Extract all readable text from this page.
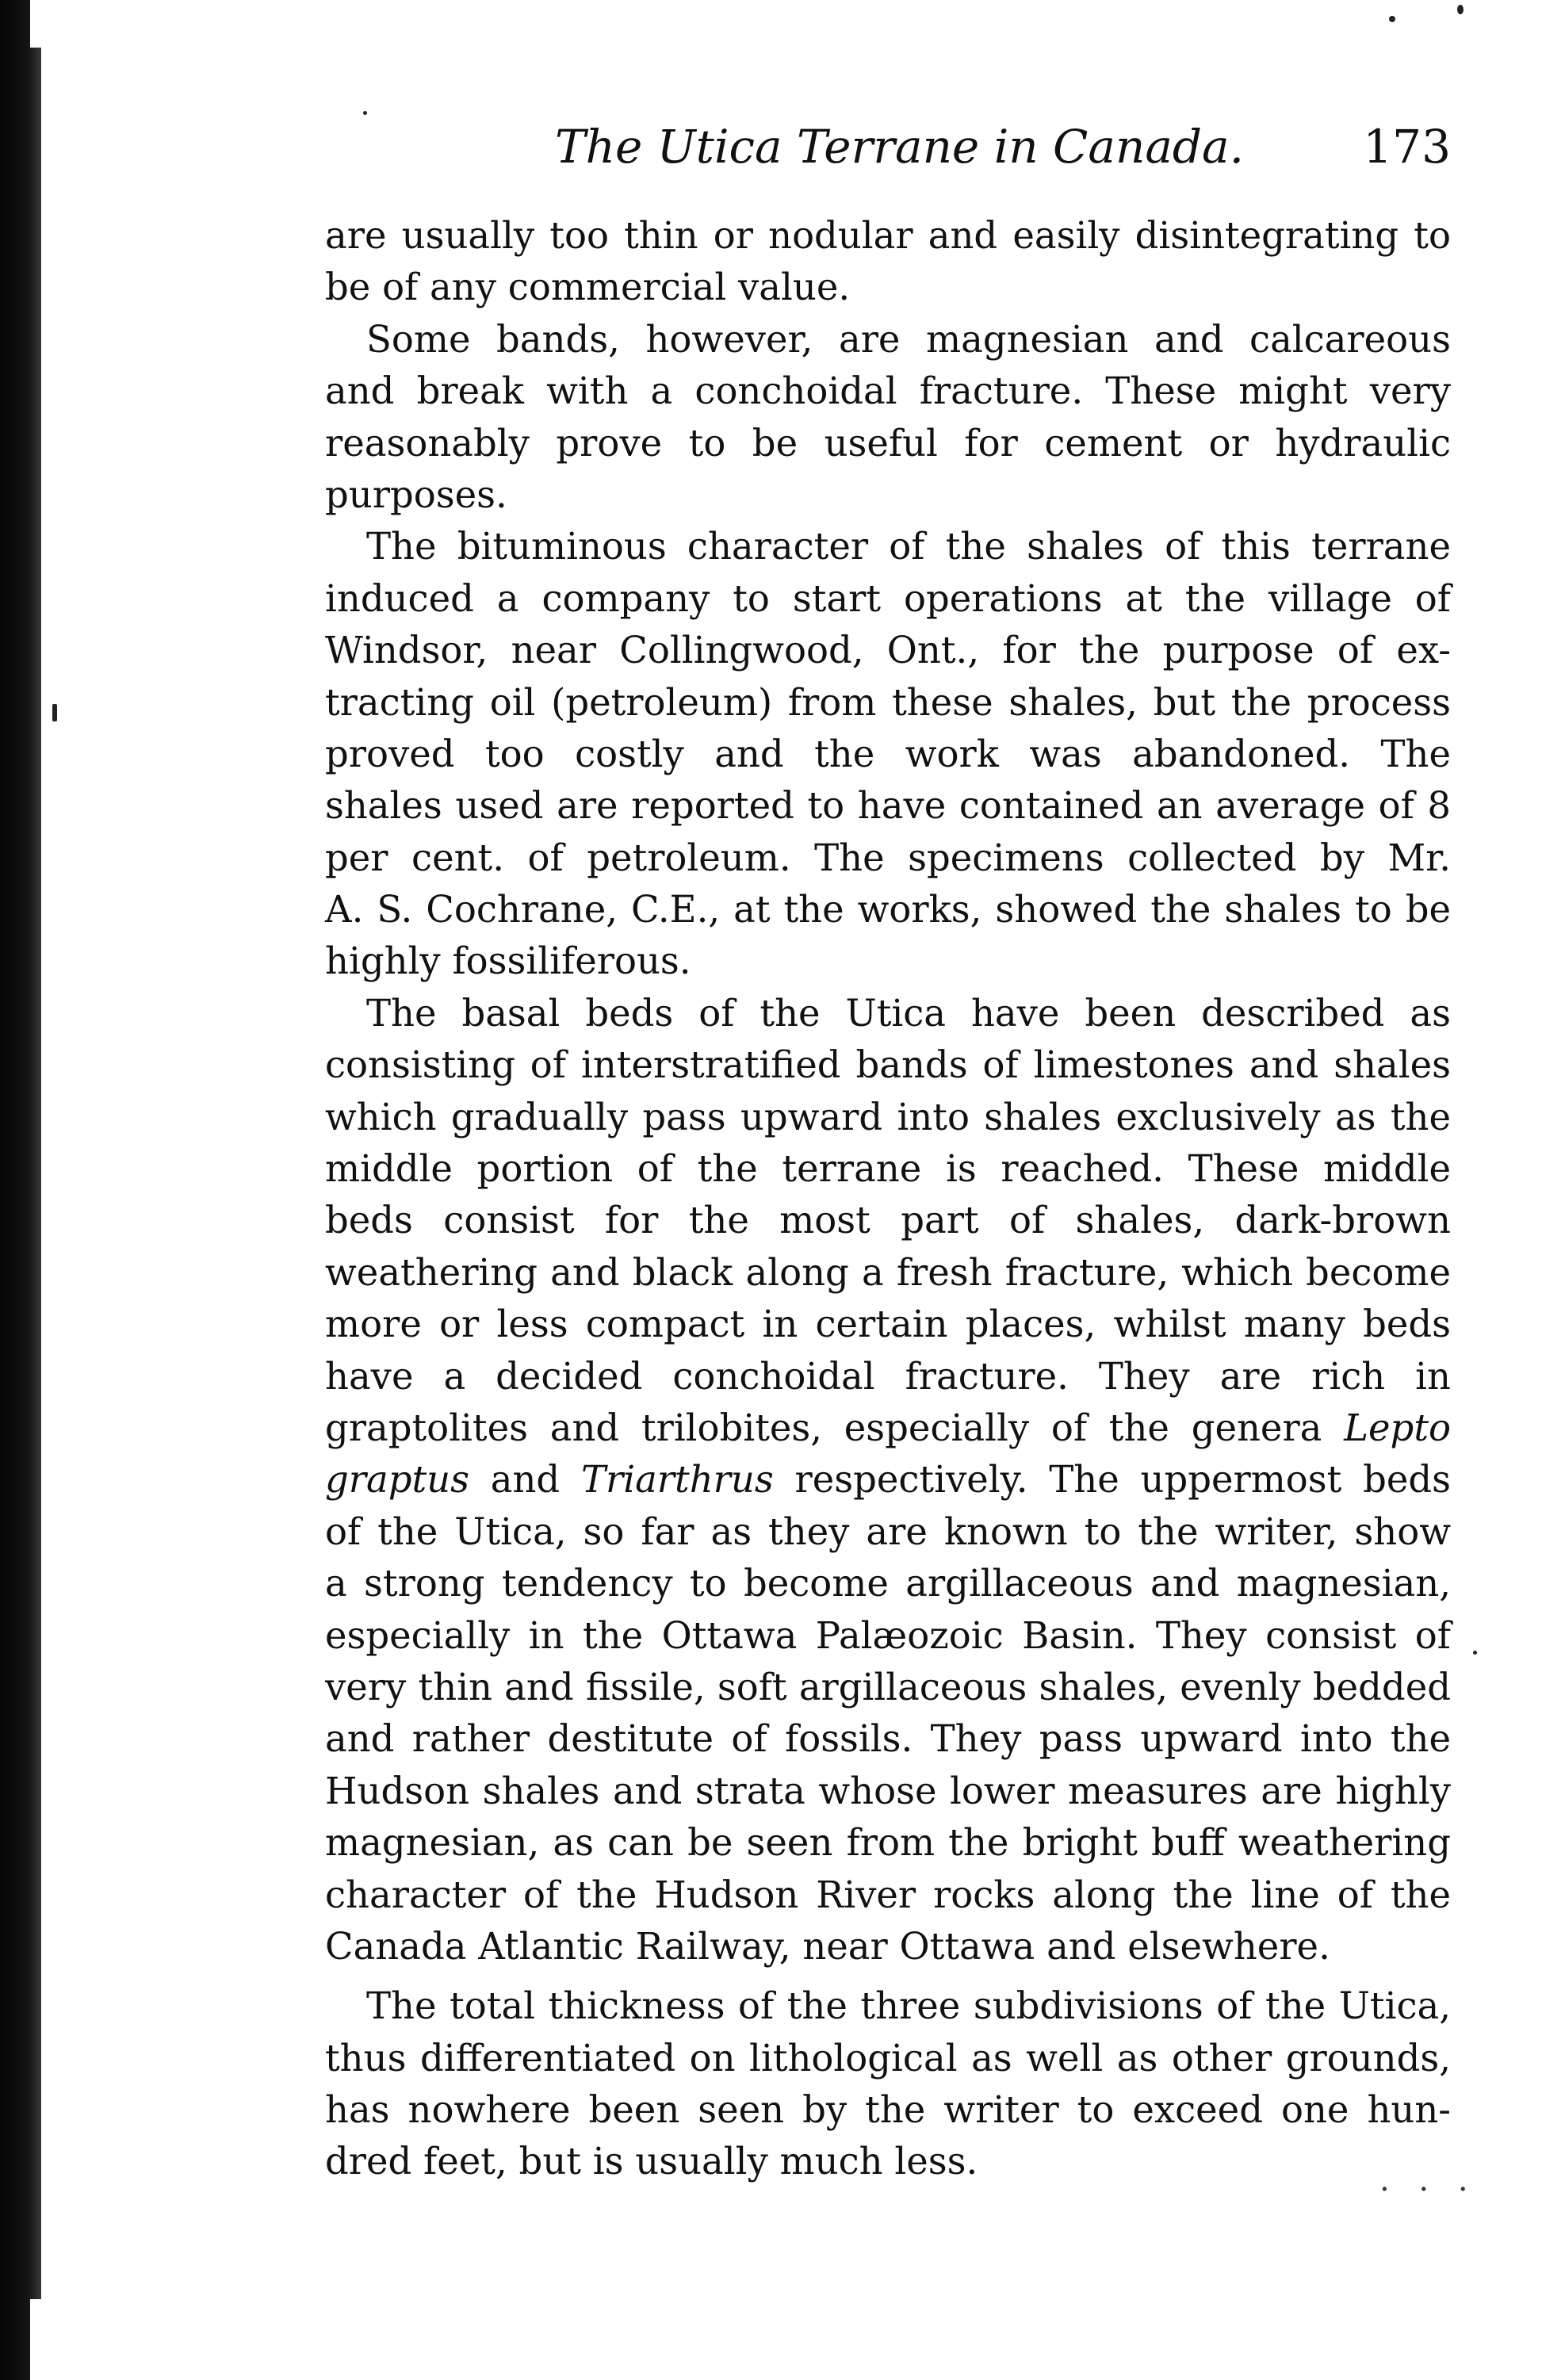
The Utica Terrane in Canada.	173
are usually too thin or nodular and easily disintegrating to
be of any commercial value.
Some bands, however, are magnesian and calcareous
and break with a conchoidal fracture. These might very
reasonably prove to be useful for cement or hydraulic
purposes.
The bituminous character of the shales of this terrane
induced a company to start operations at the village of
Windsor, near Collingwood, Ont., for the purpose of ex-
tracting oil (petroleum) from these shales, but the process
proved too costly and the work was abandoned. The
shales used are reported to have contained an average of 8
per cent. of petroleum. The specimens collected by Mr.
A. S. Cochrane, C.E., at the works, showed the shales to be
highly fossiliferous.
The basal beds of the Utica have been described as
consisting of interstratified bands of limestones and shales
which gradually pass upward into shales exclusively as the
middle portion of the terrane is reached. These middle
beds consist for the most part of shales, dark-brown
weathering and black along a fresh fracture, which become
more or less compact in certain places, whilst many beds
have a decided conchoidal fracture. They are rich in
graptolites and trilobites, especially of the genera Lepto
graptus and Triarthrus respectively. The uppermost beds
of the Utica, so far as they are known to the writer, show
a strong tendency to become argillaceous and magnesian,
especially in the Ottawa Palæozoic Basin. They consist of
very thin and fissile, soft argillaceous shales, evenly bedded
and rather destitute of fossils. They pass upward into the
Hudson shales and strata whose lower measures are highly
magnesian, as can be seen from the bright buff weathering
character of the Hudson River rocks along the line of the
Canada Atlantic Railway, near Ottawa and elsewhere.
The total thickness of the three subdivisions of the Utica,
thus differentiated on lithological as well as other grounds,
has nowhere been seen by the writer to exceed one hun-
dred feet, but is usually much less.	. . .
